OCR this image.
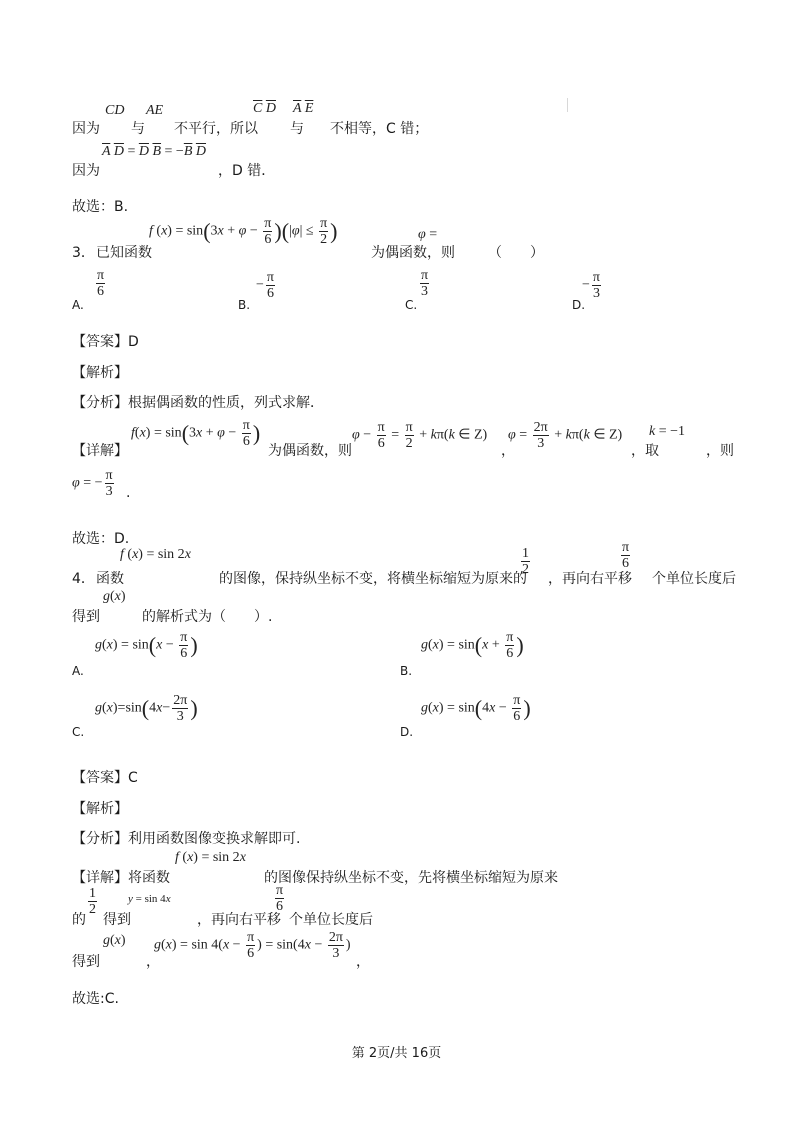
CD AE	$\overline{C}$ $\overline{D}$ $\overline{A}$ $\overline{E}$
因为 与 不平行，所以 与 不相等，C 错；
$\overline{A}$ $\overline{D} = \overline{D}$ $\overline{B} = -\overline{B}$ $\overline{D}$
因为	，D 错．
故选：B.
f $(x) = \sin(3x + \varphi - \frac{\pi}{6} )(|\varphi| \le \frac{\pi}{2}$ )	φ =
3． 已知函数	为偶函数，则 （　　）
A.
$\frac{\pi}{6}$
B.
− $\frac{\pi}{6}$
C.
$\frac{\pi}{3}$
D.
− $\frac{\pi}{3}$
【答案】D
【解析】
【分析】根据偶函数的性质，列式求解．
$f(x) = \sin(3x + \varphi - \frac{\pi}{6}$ )	$\varphi - \frac{\pi}{6} = \frac{\pi}{2} + k\pi(k$ ∈ Z) $\varphi = \frac{2\pi}{3} + k\pi(k$ ∈ Z) k = −1
【详解】	为偶函数，则	，	，取	，则
φ = − $\frac{\pi}{3}$ .
故选：D.
f (x) = sin 2x	$\frac{1}{2}$	$\frac{\pi}{6}$
4． 函数	的图像，保持纵坐标不变，将横坐标缩短为原来的 ，再向右平移 个单位长度后
g(x)
得到	的解析式为（　　）.
$g(x) = \sin(x - \frac{\pi}{6}$ )
A.
$g(x) = \sin(x + \frac{\pi}{6}$ )
B.
$g(x)=\sin(4x- \frac{2\pi}{3}$ )
C.
$g(x) = \sin(4x - \frac{\pi}{6}$ )
D.
【答案】C
【解析】
【分析】利用函数图像变换求解即可.
f (x) = sin 2x
【详解】 将函数	的图像保持纵坐标不变，先将横坐标缩短为原来
$\frac{1}{2}$	y = sin 4x	$\frac{\pi}{6}$
的 得到	，再向右平移 个单位长度后
g(x) $g(x) = \sin 4(x - \frac{\pi}{6}$ ) = $\sin(4x - \frac{2\pi}{3}$ )
得到	，	，
故选:C.
第 2页/共 16页
